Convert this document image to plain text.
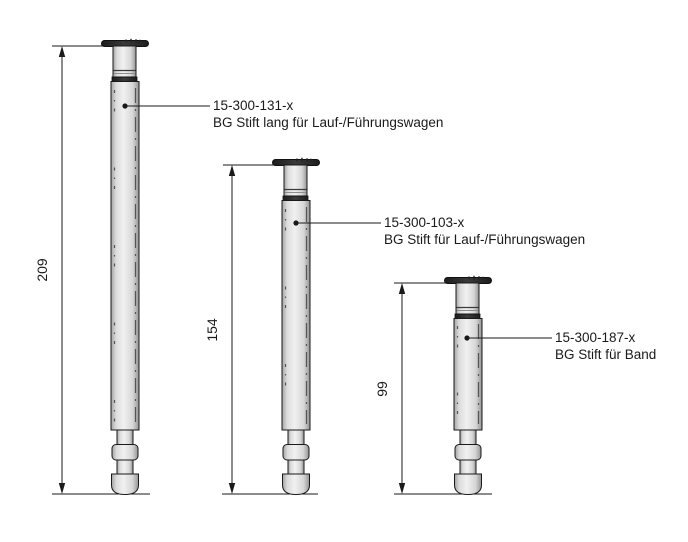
209
15-300-131-x
BG Stift lang für Lauf-/Führungswagen
154
15-300-103-x
BG Stift für Lauf-/Führungswagen
99
15-300-187-x
BG Stift für Band
